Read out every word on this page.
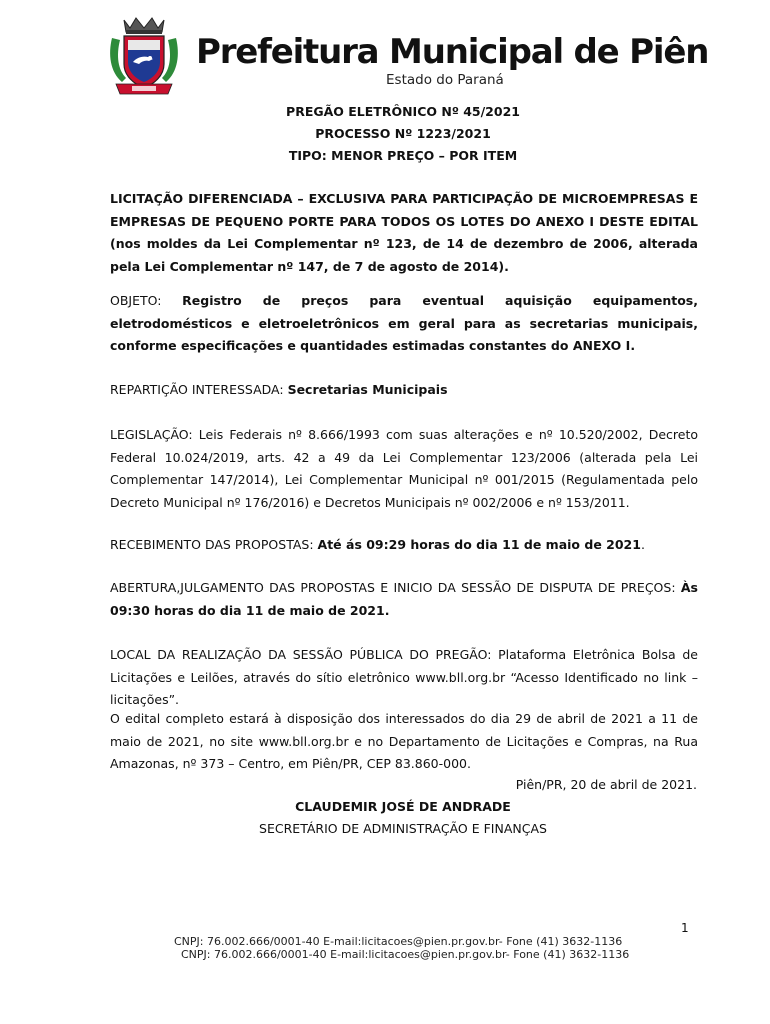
Prefeitura Municipal de Piên
Estado do Paraná
PREGÃO ELETRÔNICO Nº 45/2021
PROCESSO Nº 1223/2021
TIPO: MENOR PREÇO – POR ITEM
LICITAÇÃO DIFERENCIADA – EXCLUSIVA PARA PARTICIPAÇÃO DE MICROEMPRESAS E EMPRESAS DE PEQUENO PORTE PARA TODOS OS LOTES DO ANEXO I DESTE EDITAL (nos moldes da Lei Complementar nº 123, de 14 de dezembro de 2006, alterada pela Lei Complementar nº 147, de 7 de agosto de 2014).
OBJETO: Registro de preços para eventual aquisição equipamentos, eletrodomésticos e eletroeletrônicos em geral para as secretarias municipais, conforme especificações e quantidades estimadas constantes do ANEXO I.
REPARTIÇÃO INTERESSADA: Secretarias Municipais
LEGISLAÇÃO: Leis Federais nº 8.666/1993 com suas alterações e nº 10.520/2002, Decreto Federal 10.024/2019, arts. 42 a 49 da Lei Complementar 123/2006 (alterada pela Lei Complementar 147/2014), Lei Complementar Municipal nº 001/2015 (Regulamentada pelo Decreto Municipal nº 176/2016) e Decretos Municipais nº 002/2006 e nº 153/2011.
RECEBIMENTO DAS PROPOSTAS: Até ás 09:29 horas do dia 11 de maio de 2021.
ABERTURA,JULGAMENTO DAS PROPOSTAS E INICIO DA SESSÃO DE DISPUTA DE PREÇOS: Às 09:30 horas do dia 11 de maio de 2021.
LOCAL DA REALIZAÇÃO DA SESSÃO PÚBLICA DO PREGÃO: Plataforma Eletrônica Bolsa de Licitações e Leilões, através do sítio eletrônico www.bll.org.br “Acesso Identificado no link – licitações”.
O edital completo estará à disposição dos interessados do dia 29 de abril de 2021 a 11 de maio de 2021, no site www.bll.org.br e no Departamento de Licitações e Compras, na Rua Amazonas, nº 373 – Centro, em Piên/PR, CEP 83.860-000.
Piên/PR, 20 de abril de 2021.
CLAUDEMIR JOSÉ DE ANDRADE
SECRETÁRIO DE ADMINISTRAÇÃO E FINANÇAS
1
CNPJ: 76.002.666/0001-40 E-mail:licitacoes@pien.pr.gov.br- Fone (41) 3632-1136
CNPJ: 76.002.666/0001-40 E-mail:licitacoes@pien.pr.gov.br- Fone (41) 3632-1136
